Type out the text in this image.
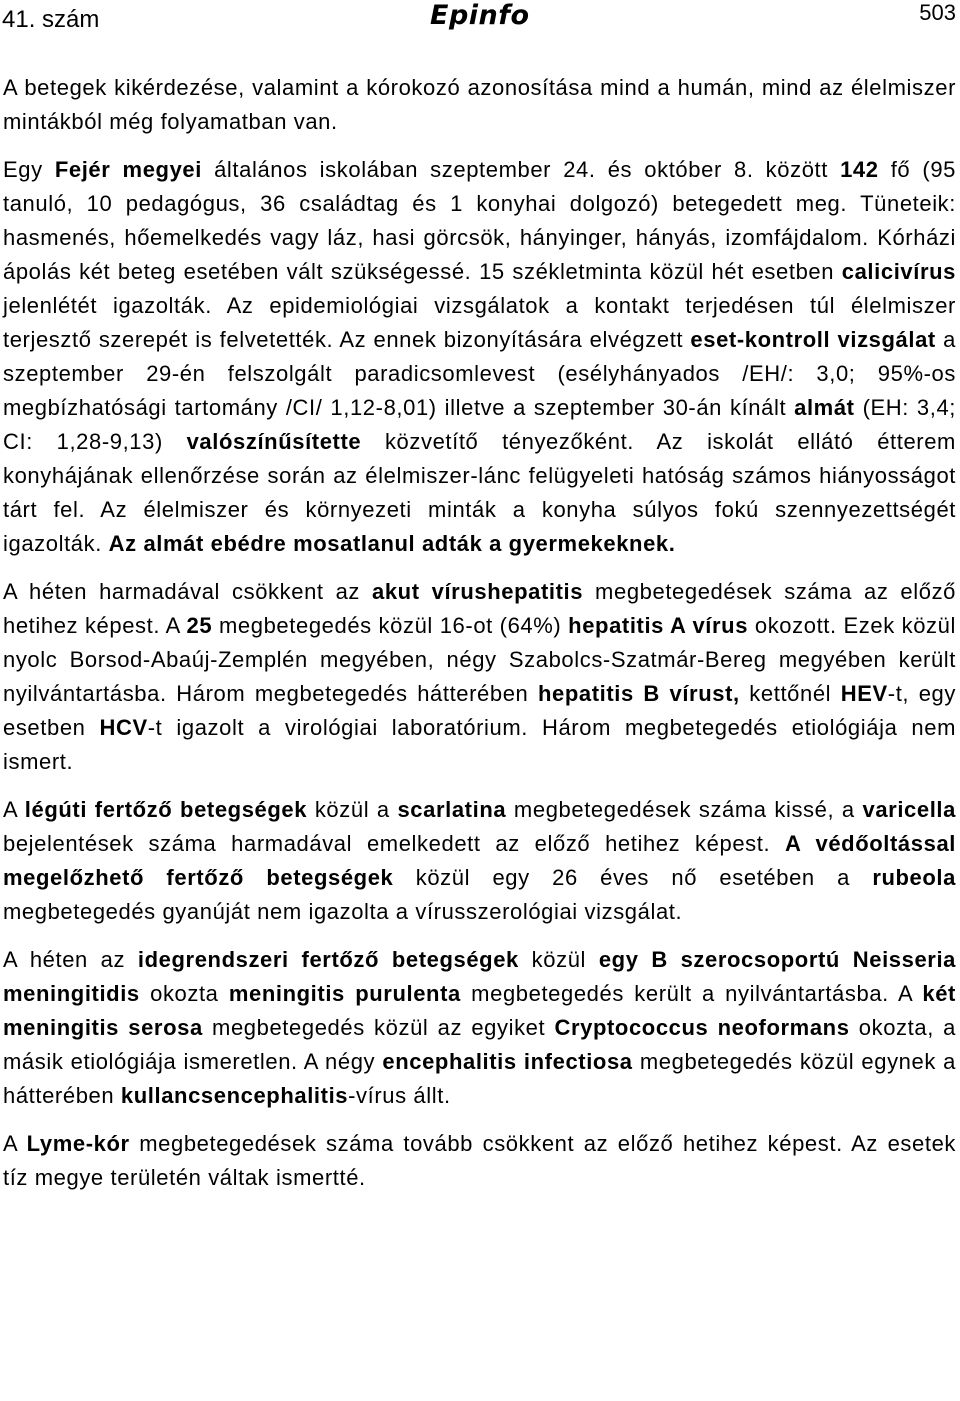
41. szám	Epinfo	503

A betegek kikérdezése, valamint a kórokozó azonosítása mind a humán, mind az élelmiszer mintákból még folyamatban van.

Egy Fejér megyei általános iskolában szeptember 24. és október 8. között 142 fő (95 tanuló, 10 pedagógus, 36 családtag és 1 konyhai dolgozó) betegedett meg. Tüneteik: hasmenés, hőemelkedés vagy láz, hasi görcsök, hányinger, hányás, izomfájdalom. Kórházi ápolás két beteg esetében vált szükségessé. 15 székletminta közül hét esetben calicivírus jelenlétét igazolták. Az epidemiológiai vizsgálatok a kontakt terjedésen túl élelmiszer terjesztő szerepét is felvetették. Az ennek bizonyítására elvégzett eset-kontroll vizsgálat a szeptember 29-én felszolgált paradicsomlevest (esélyhányados /EH/: 3,0; 95%-os megbízhatósági tartomány /CI/ 1,12-8,01) illetve a szeptember 30-án kínált almát (EH: 3,4; CI: 1,28-9,13) valószínűsítette közvetítő tényezőként. Az iskolát ellátó étterem konyhájának ellenőrzése során az élelmiszer-lánc felügyeleti hatóság számos hiányosságot tárt fel. Az élelmiszer és környezeti minták a konyha súlyos fokú szennyezettségét igazolták. Az almát ebédre mosatlanul adták a gyermekeknek.

A héten harmadával csökkent az akut vírushepatitis megbetegedések száma az előző hetihez képest. A 25 megbetegedés közül 16-ot (64%) hepatitis A vírus okozott. Ezek közül nyolc Borsod-Abaúj-Zemplén megyében, négy Szabolcs-Szatmár-Bereg megyében került nyilvántartásba. Három megbetegedés hátterében hepatitis B vírust, kettőnél HEV-t, egy esetben HCV-t igazolt a virológiai laboratórium. Három megbetegedés etiológiája nem ismert.

A légúti fertőző betegségek közül a scarlatina megbetegedések száma kissé, a varicella bejelentések száma harmadával emelkedett az előző hetihez képest. A védőoltással megelőzhető fertőző betegségek közül egy 26 éves nő esetében a rubeola megbetegedés gyanúját nem igazolta a vírusszerológiai vizsgálat.

A héten az idegrendszeri fertőző betegségek közül egy B szerocsoportú Neisseria meningitidis okozta meningitis purulenta megbetegedés került a nyilvántartásba. A két meningitis serosa megbetegedés közül az egyiket Cryptococcus neoformans okozta, a másik etiológiája ismeretlen. A négy encephalitis infectiosa megbetegedés közül egynek a hátterében kullancsencephalitis-vírus állt.

A Lyme-kór megbetegedések száma tovább csökkent az előző hetihez képest. Az esetek tíz megye területén váltak ismertté.
